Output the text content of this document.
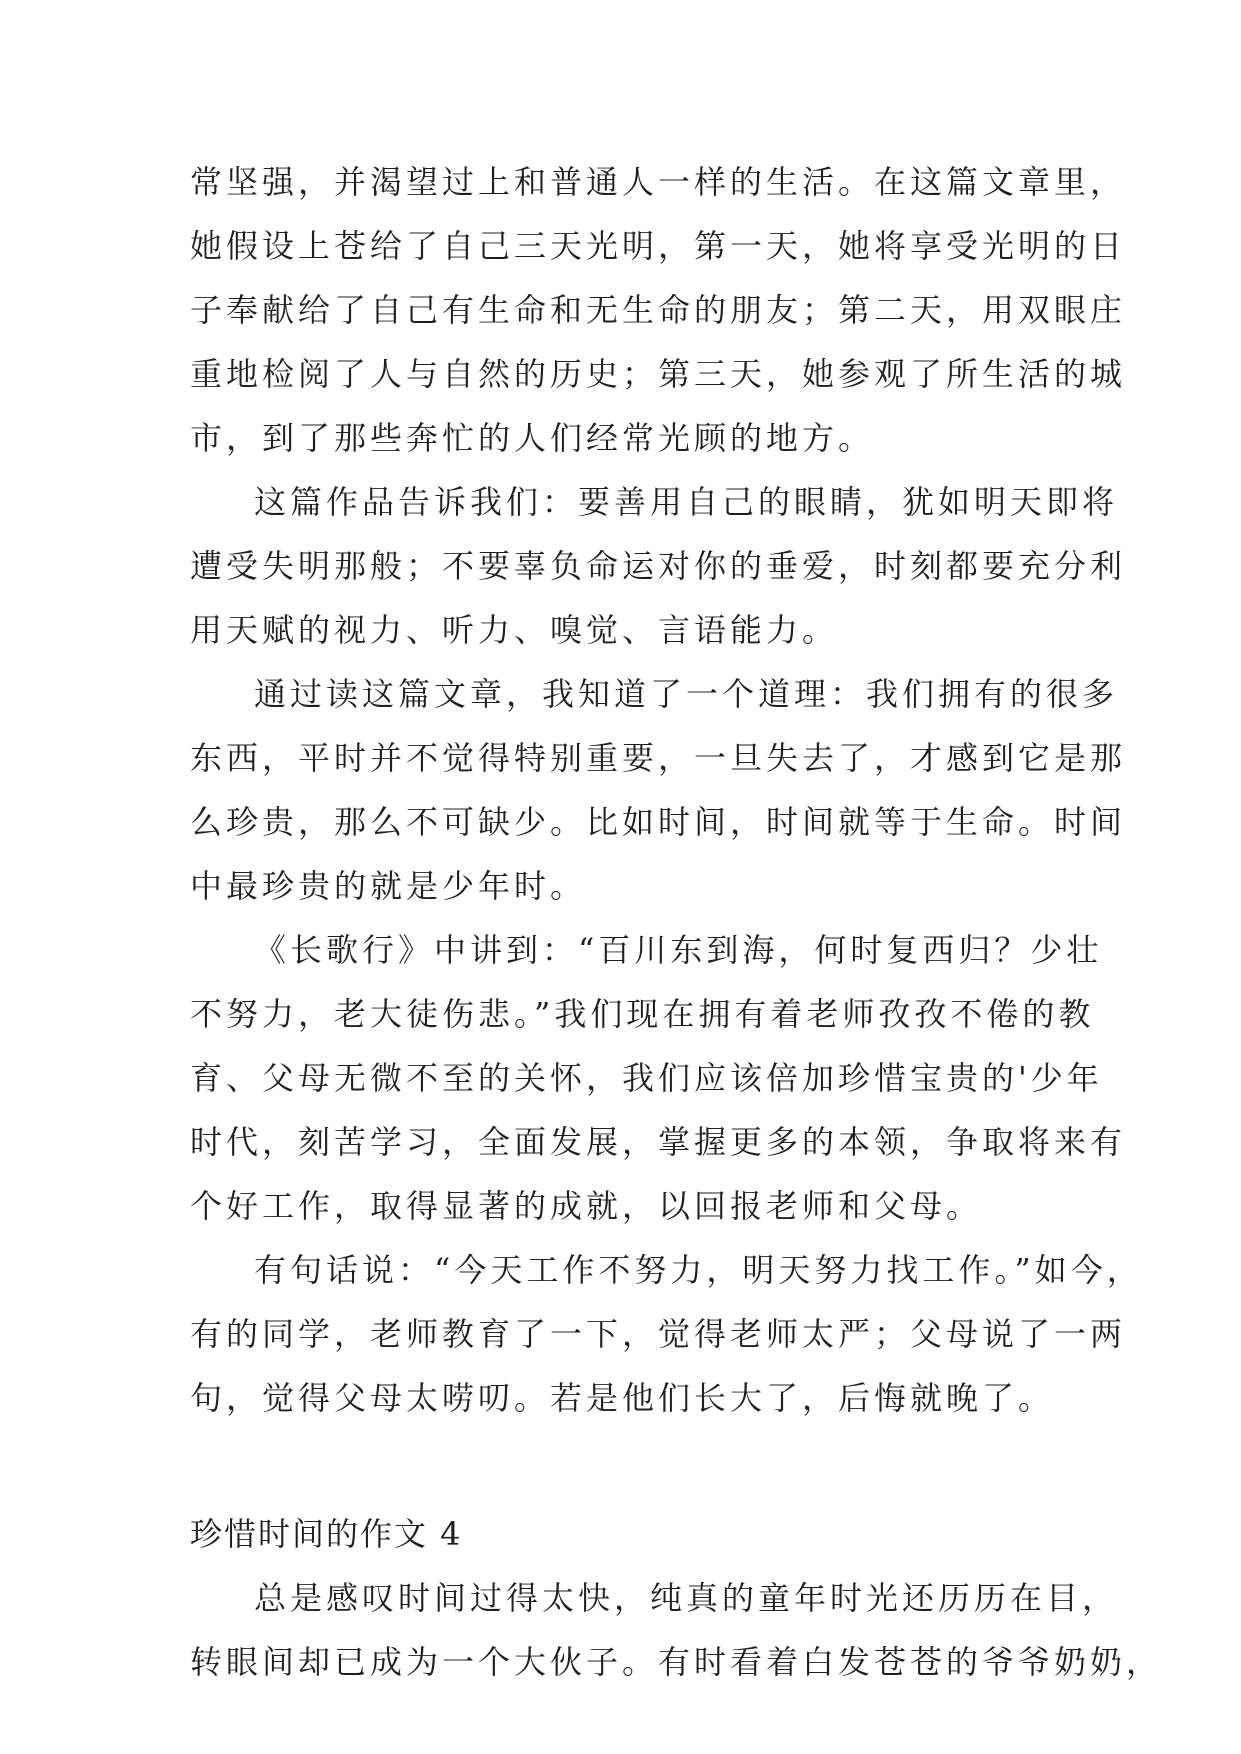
常坚强，并渴望过上和普通人一样的生活。在这篇文章里，
她假设上苍给了自己三天光明，第一天，她将享受光明的日
子奉献给了自己有生命和无生命的朋友；第二天，用双眼庄
重地检阅了人与自然的历史；第三天，她参观了所生活的城
市，到了那些奔忙的人们经常光顾的地方。
这篇作品告诉我们：要善用自己的眼睛，犹如明天即将
遭受失明那般；不要辜负命运对你的垂爱，时刻都要充分利
用天赋的视力、听力、嗅觉、言语能力。
通过读这篇文章，我知道了一个道理：我们拥有的很多
东西，平时并不觉得特别重要，一旦失去了，才感到它是那
么珍贵，那么不可缺少。比如时间，时间就等于生命。时间
中最珍贵的就是少年时。
《长歌行》中讲到：“百川东到海，何时复西归？少壮
不努力，老大徒伤悲。”我们现在拥有着老师孜孜不倦的教
育、父母无微不至的关怀，我们应该倍加珍惜宝贵的'少年
时代，刻苦学习，全面发展，掌握更多的本领，争取将来有
个好工作，取得显著的成就，以回报老师和父母。
有句话说：“今天工作不努力，明天努力找工作。”如今，
有的同学，老师教育了一下，觉得老师太严；父母说了一两
句，觉得父母太唠叨。若是他们长大了，后悔就晚了。
珍惜时间的作文 4
总是感叹时间过得太快，纯真的童年时光还历历在目，
转眼间却已成为一个大伙子。有时看着白发苍苍的爷爷奶奶，
